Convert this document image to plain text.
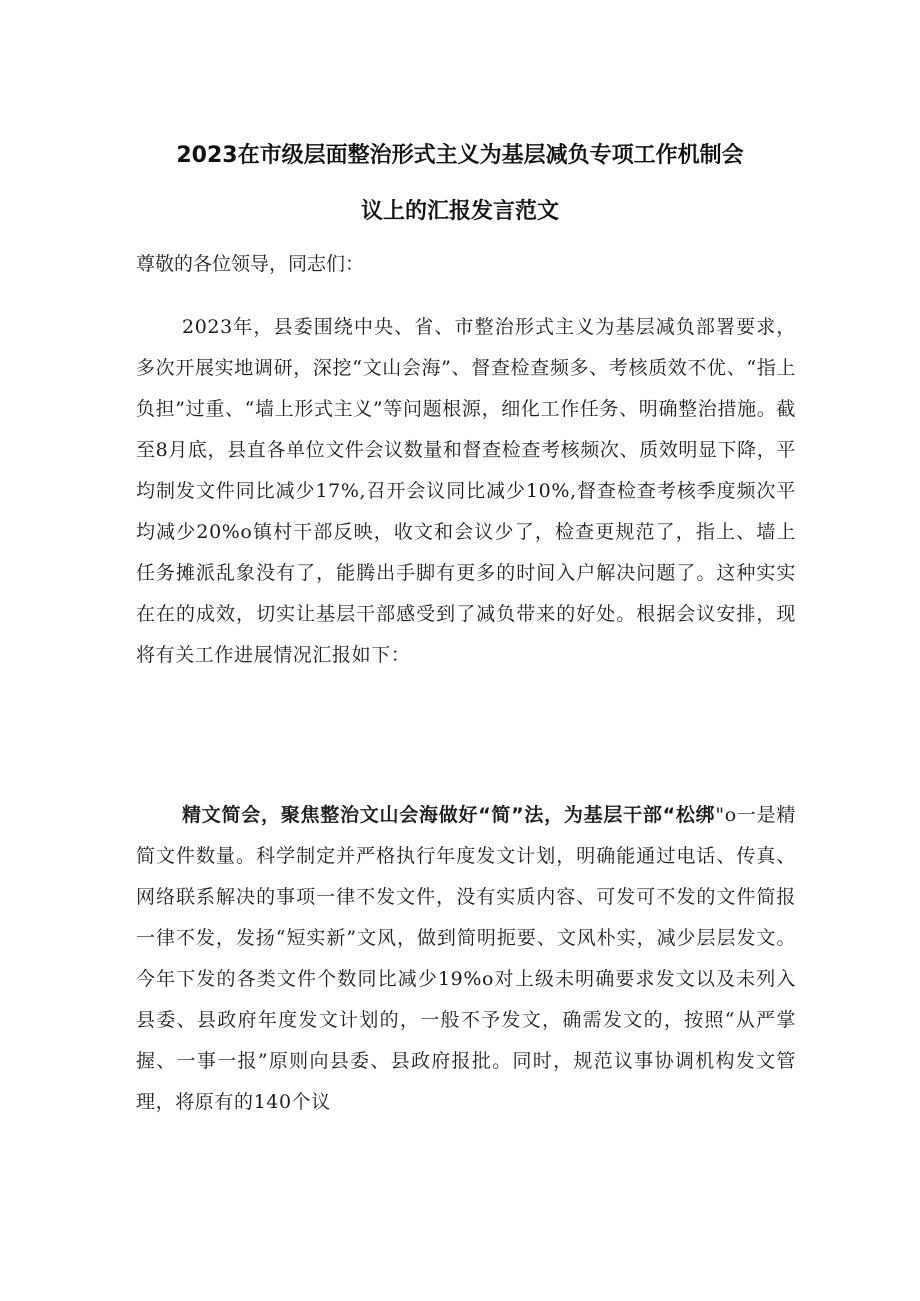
2023在市级层面整治形式主义为基层减负专项工作机制会
议上的汇报发言范文
尊敬的各位领导，同志们：
2023年，县委围绕中央、省、市整治形式主义为基层减负部署要求，多次开展实地调研，深挖“文山会海”、督查检查频多、考核质效不优、“指上负担”过重、“墙上形式主义”等问题根源，细化工作任务、明确整治措施。截至8月底，县直各单位文件会议数量和督查检查考核频次、质效明显下降，平均制发文件同比减少17%,召开会议同比减少10%,督查检查考核季度频次平均减少20%o镇村干部反映，收文和会议少了，检查更规范了，指上、墙上任务摊派乱象没有了，能腾出手脚有更多的时间入户解决问题了。这种实实在在的成效，切实让基层干部感受到了减负带来的好处。根据会议安排，现将有关工作进展情况汇报如下：
精文简会，聚焦整治文山会海做好“简”法，为基层干部“松绑"o一是精简文件数量。科学制定并严格执行年度发文计划，明确能通过电话、传真、网络联系解决的事项一律不发文件，没有实质内容、可发可不发的文件简报一律不发，发扬“短实新”文风，做到简明扼要、文风朴实，减少层层发文。今年下发的各类文件个数同比减少19%o对上级未明确要求发文以及未列入县委、县政府年度发文计划的，一般不予发文，确需发文的，按照“从严掌握、一事一报”原则向县委、县政府报批。同时，规范议事协调机构发文管理，将原有的140个议
